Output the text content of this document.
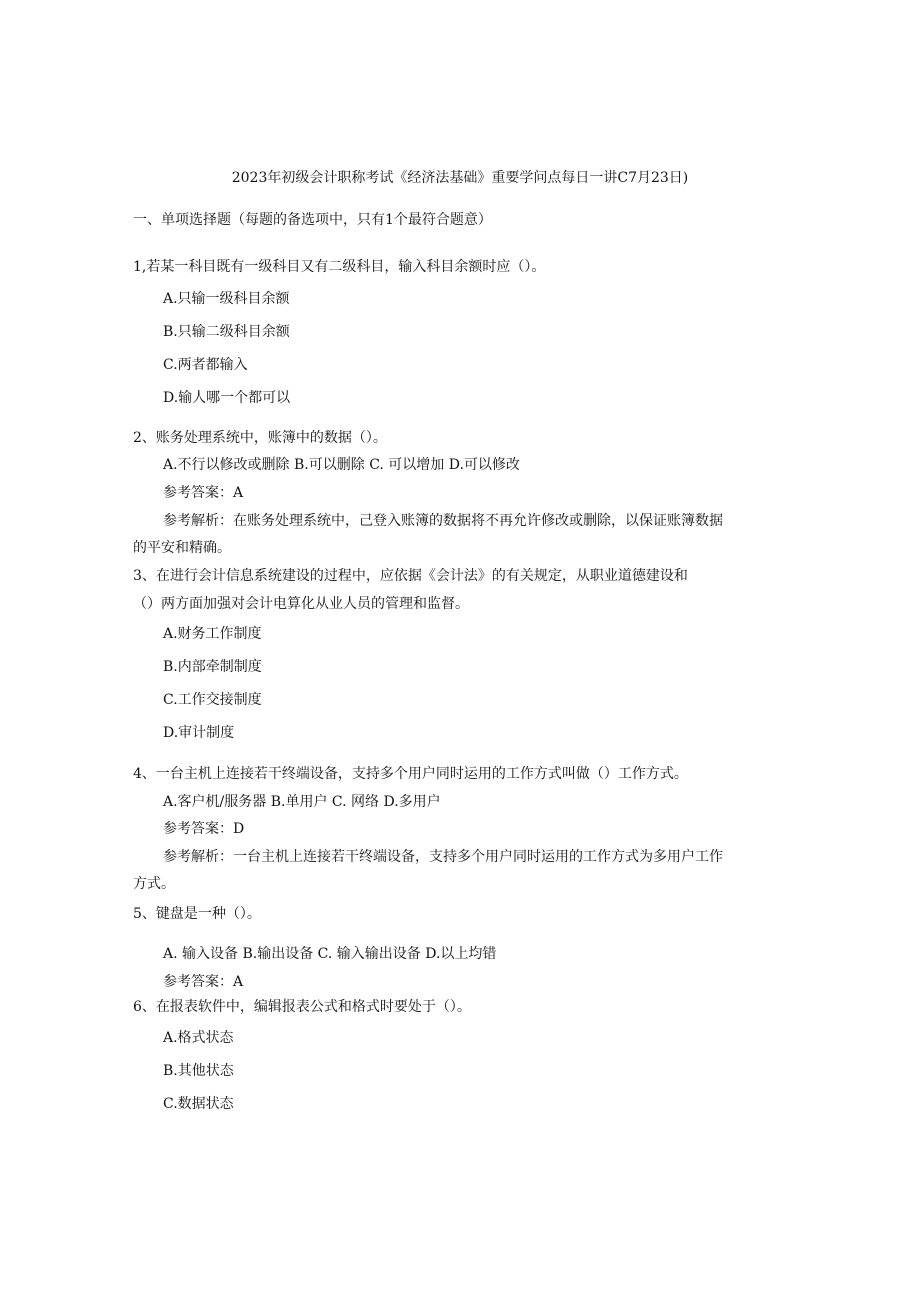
2023年初级会计职称考试《经济法基础》重要学问点每日一讲C7月23日)
一、单项选择题（每题的备选项中，只有1个最符合题意）
1,若某一科目既有一级科目又有二级科目，输入科目余额时应（）。
A.只输一级科目余额
B.只输二级科目余额
C.两者都输入
D.输人哪一个都可以
2、账务处理系统中，账簿中的数据（）。
A.不行以修改或删除 B.可以删除 C. 可以增加 D.可以修改
参考答案：A
参考解析：在账务处理系统中，己登入账簿的数据将不再允许修改或删除，以保证账簿数据
的平安和精确。
3、在进行会计信息系统建设的过程中，应依据《会计法》的有关规定，从职业道德建设和
（）两方面加强对会计电算化从业人员的管理和监督。
A.财务工作制度
B.内部牵制制度
C.工作交接制度
D.审计制度
4、一台主机上连接若干终端设备，支持多个用户同时运用的工作方式叫做（）工作方式。
A.客户机/服务器 B.单用户 C. 网络 D.多用户
参考答案：D
参考解析：一台主机上连接若干终端设备，支持多个用户同时运用的工作方式为多用户工作
方式。
5、键盘是一种（）。
A. 输入设备 B.输出设备 C. 输入输出设备 D.以上均错
参考答案：A
6、在报表软件中，编辑报表公式和格式时要处于（）。
A.格式状态
B.其他状态
C.数据状态
